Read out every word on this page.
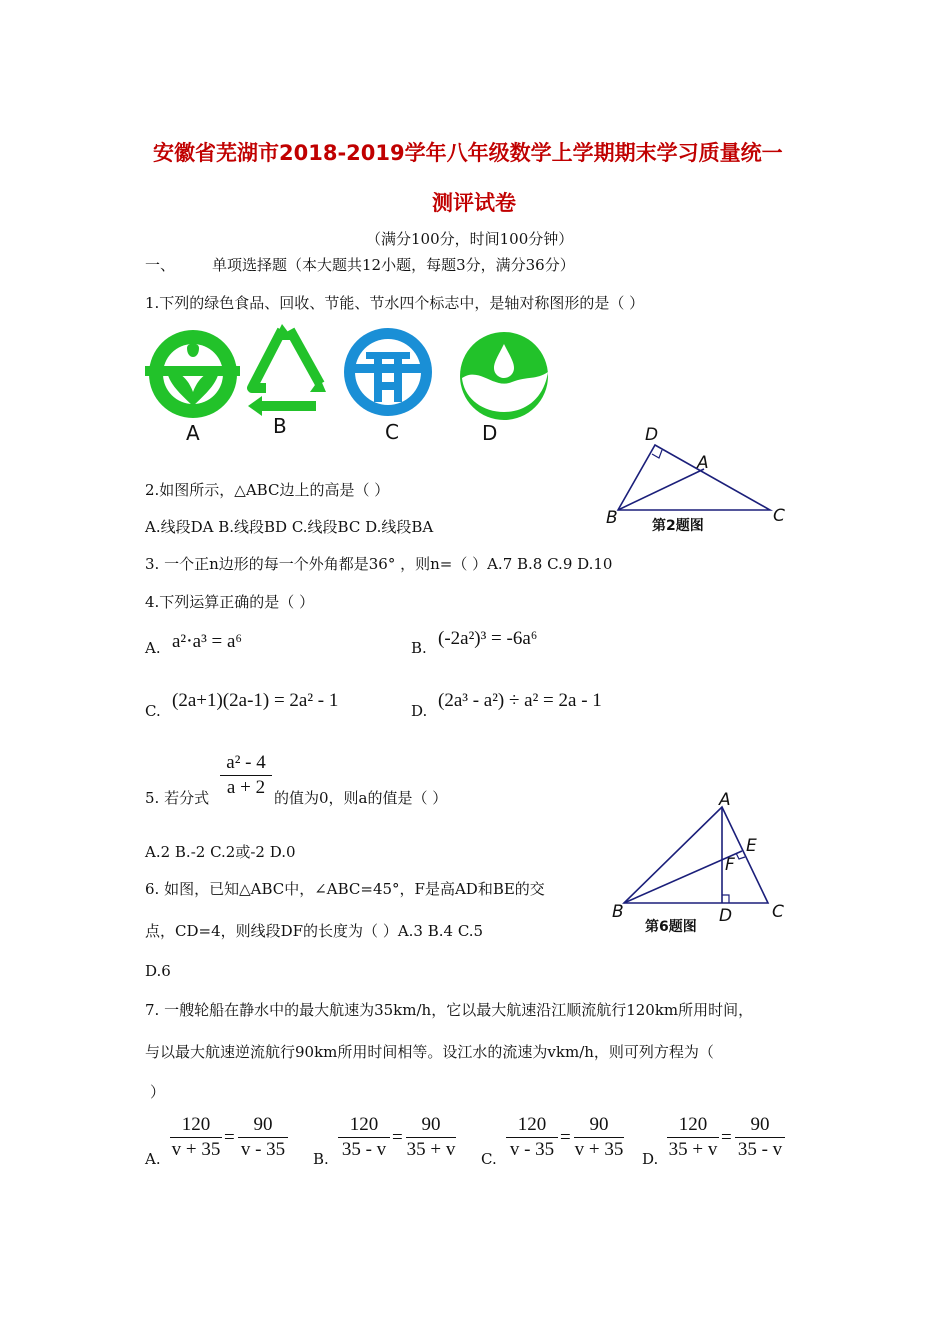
安徽省芜湖市2018-2019学年八年级数学上学期期末学习质量统一
测评试卷
（满分100分，时间100分钟）
一、 单项选择题（本大题共12小题，每题3分，满分36分）
1.下列的绿色食品、回收、节能、节水四个标志中，是轴对称图形的是（ ）
A	B	C	D	D
A
B	C
第2题图
2.如图所示，△ABC边上的高是（ ）
A.线段DA B.线段BD C.线段BC D.线段BA
3. 一个正n边形的每一个外角都是36° ，则n=（ ）A.7 B.8 C.9 D.10
4.下列运算正确的是（ ）
A. a²⋅a³ = a⁶	B. (-2a²)³ = -6a⁶
C. (2a+1)(2a-1) = 2a² - 1	D. (2a³ - a²) ÷ a² = 2a - 1
5. 若分式 $\frac{\text{a² - 4}}{a + 2}$ 的值为0，则a的值是（ ）
A.2 B.-2 C.2或-2 D.0
A
E
F
B	D C
第6题图
6. 如图，已知△ABC中，∠ABC=45°，F是高AD和BE的交
点，CD=4，则线段DF的长度为（ ）A.3 B.4 C.5
D.6
7. 一艘轮船在静水中的最大航速为35km/h，它以最大航速沿江顺流航行120km所用时间，
与以最大航速逆流航行90km所用时间相等。设江水的流速为vkm/h，则可列方程为（
）
A. $\frac{120}{v + 35} = \frac{90}{v - 35} B$. $\frac{120}{35 - v} = \frac{90}{35 + v} C$. $\frac{120}{v - 35} = \frac{90}{v + 35} D$. $\frac{120}{35 + v} = \frac{90}{35 - v}$
